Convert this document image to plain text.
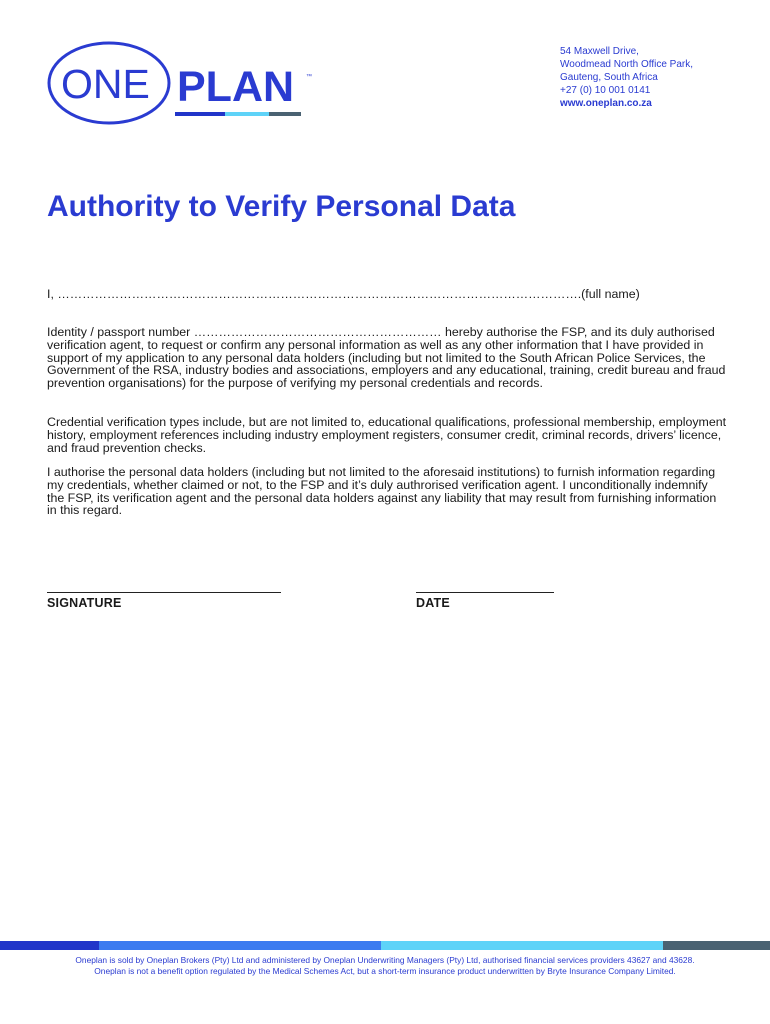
ONE PLAN ™
54 Maxwell Drive,
Woodmead North Office Park,
Gauteng, South Africa
+27 (0) 10 001 0141
www.oneplan.co.za
Authority to Verify Personal Data
I, ……………………………………………………………………………………………………………….(full name)

Identity / passport number …………………………………………………… hereby authorise the FSP, and its duly authorised verification agent, to request or confirm any personal information as well as any other information that I have provided in support of my application to any personal data holders (including but not limited to the South African Police Services, the Government of the RSA, industry bodies and associations, employers and any educational, training, credit bureau and fraud prevention organisations) for the purpose of verifying my personal credentials and records.

Credential verification types include, but are not limited to, educational qualifications, professional membership, employment history, employment references including industry employment registers, consumer credit, criminal records, drivers’ licence, and fraud prevention checks.

I authorise the personal data holders (including but not limited to the aforesaid institutions) to furnish information regarding my credentials, whether claimed or not, to the FSP and it’s duly authrorised verification agent. I unconditionally indemnify the FSP, its verification agent and the personal data holders against any liability that may result from furnishing information in this regard.

SIGNATURE	DATE
Oneplan is sold by Oneplan Brokers (Pty) Ltd and administered by Oneplan Underwriting Managers (Pty) Ltd, authorised financial services providers 43627 and 43628.
Oneplan is not a benefit option regulated by the Medical Schemes Act, but a short-term insurance product underwritten by Bryte Insurance Company Limited.
